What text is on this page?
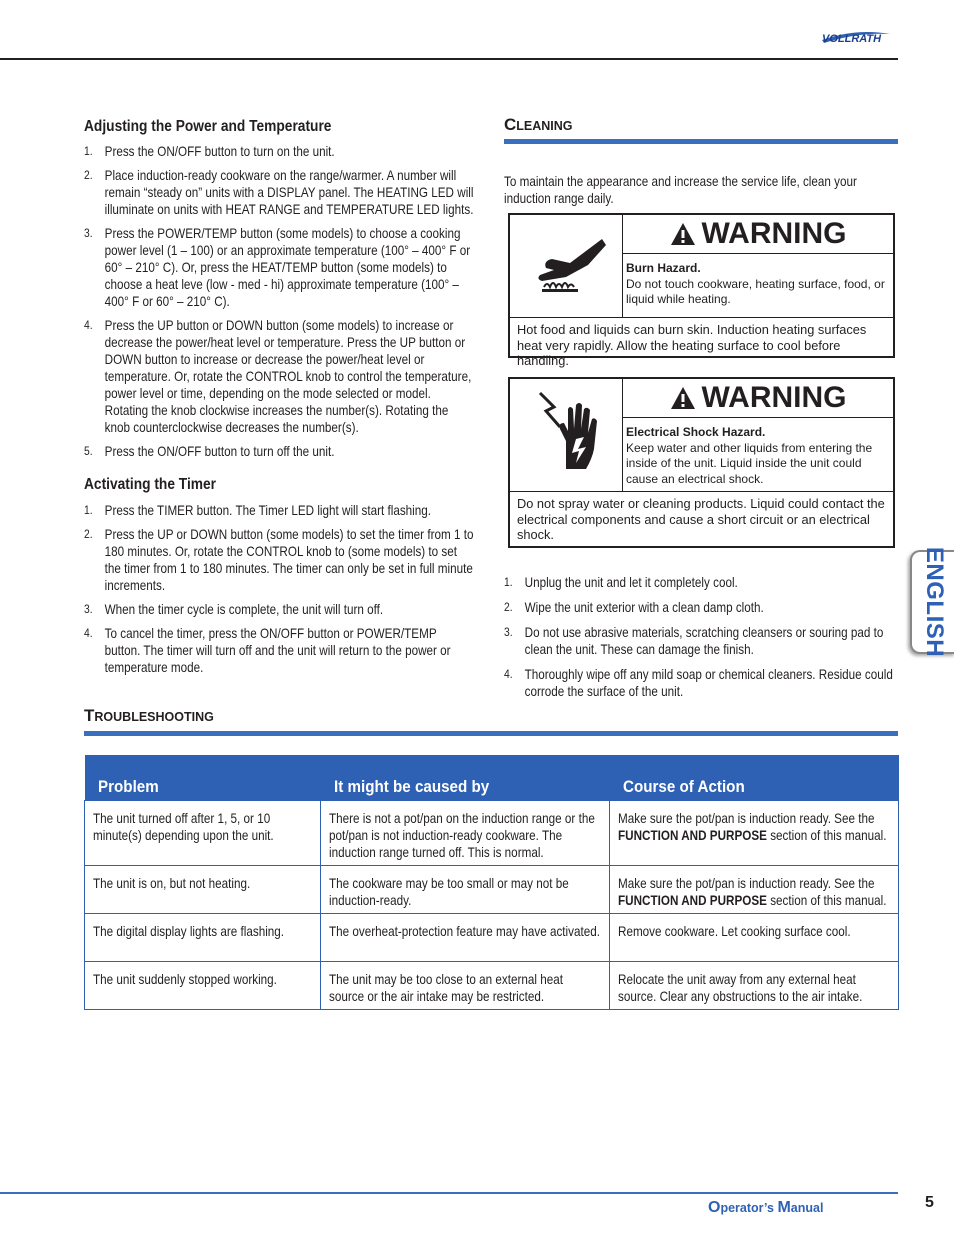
VOLLRATH
Adjusting the Power and Temperature
1. Press the ON/OFF button to turn on the unit.
2. Place induction-ready cookware on the range/warmer. A number will remain “steady on” units with a DISPLAY panel. The HEATING LED will illuminate on units with HEAT RANGE and TEMPERATURE LED lights.
3. Press the POWER/TEMP button (some models) to choose a cooking power level (1 – 100) or an approximate temperature (100° – 400° F or 60° – 210° C). Or, press the HEAT/TEMP button (some models) to choose a heat leve (low - med - hi) approximate temperature (100° – 400° F or 60° – 210° C).
4. Press the UP button or DOWN button (some models) to increase or decrease the power/heat level or temperature. Press the UP button or DOWN button to increase or decrease the power/heat level or temperature. Or, rotate the CONTROL knob to control the temperature, power level or time, depending on the mode selected or model. Rotating the knob clockwise increases the number(s). Rotating the knob counterclockwise decreases the number(s).
5. Press the ON/OFF button to turn off the unit.
Activating the Timer
1. Press the TIMER button. The Timer LED light will start flashing.
2. Press the UP or DOWN button (some models) to set the timer from 1 to 180 minutes. Or, rotate the CONTROL knob to (some models) to set the timer from 1 to 180 minutes. The timer can only be set in full minute increments.
3. When the timer cycle is complete, the unit will turn off.
4. To cancel the timer, press the ON/OFF button or POWER/TEMP button. The timer will turn off and the unit will return to the power or temperature mode.
CLEANING
To maintain the appearance and increase the service life, clean your induction range daily.
WARNING
Burn Hazard.
Do not touch cookware, heating surface, food, or liquid while heating.
Hot food and liquids can burn skin. Induction heating surfaces heat very rapidly. Allow the heating surface to cool before handling.
WARNING
Electrical Shock Hazard.
Keep water and other liquids from entering the inside of the unit. Liquid inside the unit could cause an electrical shock.
Do not spray water or cleaning products. Liquid could contact the electrical components and cause a short circuit or an electrical shock.
1. Unplug the unit and let it completely cool.
2. Wipe the unit exterior with a clean damp cloth.
3. Do not use abrasive materials, scratching cleansers or souring pad to clean the unit. These can damage the finish.
4. Thoroughly wipe off any mild soap or chemical cleaners. Residue could corrode the surface of the unit.
TROUBLESHOOTING
Problem	It might be caused by	Course of Action

The unit turned off after 1, 5, or 10 minute(s) depending upon the unit.	There is not a pot/pan on the induction range or the pot/pan is not induction-ready cookware. The induction range turned off. This is normal.	Make sure the pot/pan is induction ready. See the FUNCTION AND PURPOSE section of this manual.

The unit is on, but not heating.	The cookware may be too small or may not be induction-ready.	Make sure the pot/pan is induction ready. See the FUNCTION AND PURPOSE section of this manual.

The digital display lights are flashing.	The overheat-protection feature may have activated.	Remove cookware. Let cooking surface cool.

The unit suddenly stopped working.	The unit may be too close to an external heat source or the air intake may be restricted.	Relocate the unit away from any external heat source. Clear any obstructions to the air intake.
ENGLISH
Operator’s Manual	5
